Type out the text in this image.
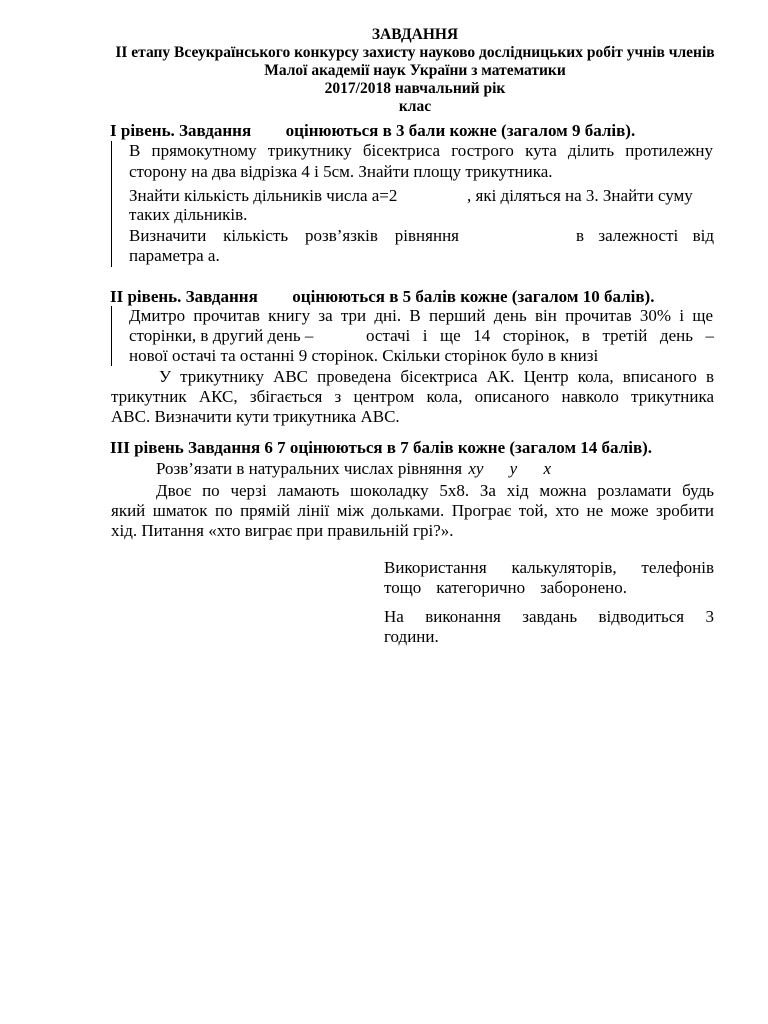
ЗАВДАННЯ
ІІ етапу Всеукраїнського конкурсу захисту науково дослідницьких робіт учнів членів
Малої академії наук України з математики
2017/2018 навчальний рік
клас
І рівень. Завдання оцінюються в 3 бали кожне (загалом 9 балів).
В прямокутному трикутнику бісектриса гострого кута ділить протилежну
сторону на два відрізка 4 і 5см. Знайти площу трикутника.
Знайти кількість дільників числа а=2	, які діляться на 3. Знайти суму
таких дільників.
Визначити кількість розв’язків рівняння	в залежності від
параметра а.
ІІ рівень. Завдання оцінюються в 5 балів кожне (загалом 10 балів).
Дмитро прочитав книгу за три дні. В перший день він прочитав 30% і ще
сторінки, в другий день –	остачі і ще 14 сторінок, в третій день –
нової остачі та останні 9 сторінок. Скільки сторінок було в книзі
У трикутнику АВС проведена бісектриса АК. Центр кола, вписаного в
трикутник АКС, збігається з центром кола, описаного навколо трикутника
АВС. Визначити кути трикутника АВС.
ІІІ рівень Завдання 6 7 оцінюються в 7 балів кожне (загалом 14 балів).
Розв’язати в натуральних числах рівняння xy y x
Двоє по черзі ламають шоколадку 5х8. За хід можна розламати будь
який шматок по прямій лінії між дольками. Програє той, хто не може зробити
хід. Питання «хто виграє при правильній грі?».
Використання калькуляторів, телефонів
тощо категорично заборонено.
На виконання завдань відводиться 3
години.
